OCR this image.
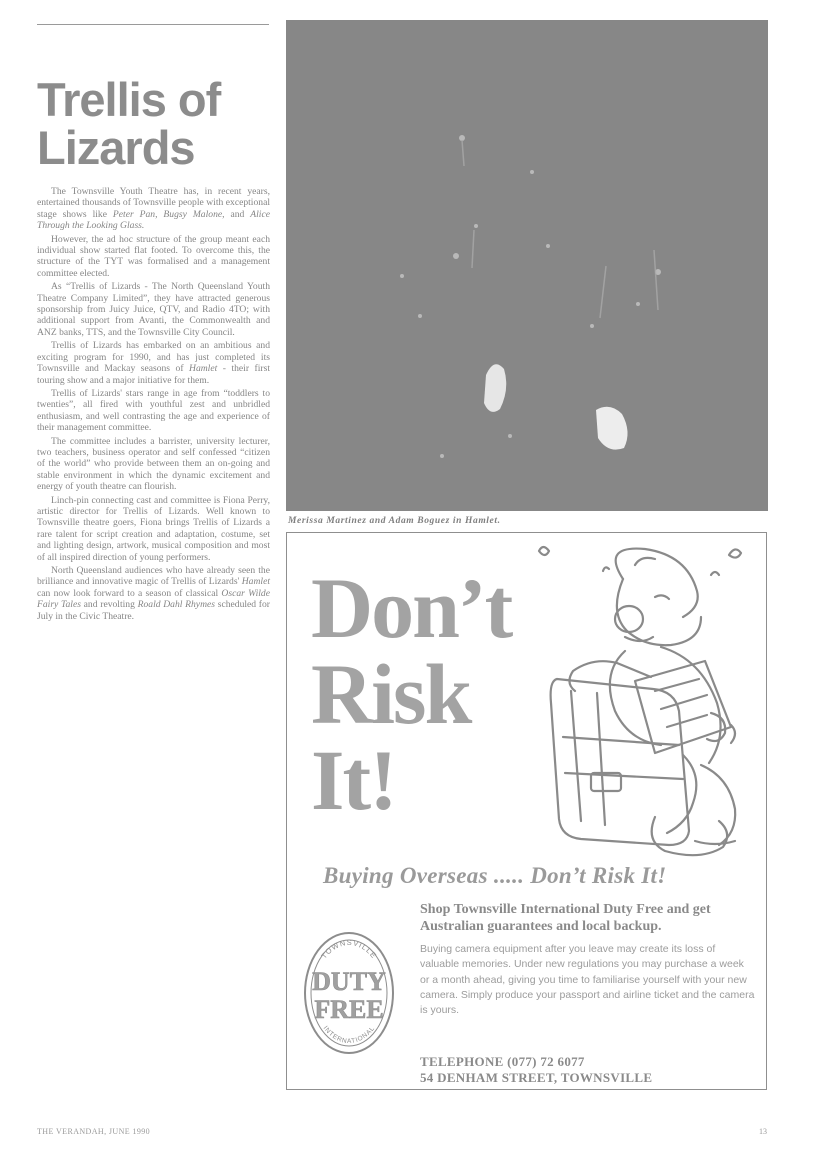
Trellis of Lizards

The Townsville Youth Theatre has, in recent years, entertained thousands of Townsville people with exceptional stage shows like Peter Pan, Bugsy Malone, and Alice Through the Looking Glass.

However, the ad hoc structure of the group meant each individual show started flat footed. To overcome this, the structure of the TYT was formalised and a management committee elected.

As “Trellis of Lizards - The North Queensland Youth Theatre Company Limited”, they have attracted generous sponsorship from Juicy Juice, QTV, and Radio 4TO; with additional support from Avanti, the Commonwealth and ANZ banks, TTS, and the Townsville City Council.

Trellis of Lizards has embarked on an ambitious and exciting program for 1990, and has just completed its Townsville and Mackay seasons of Hamlet - their first touring show and a major initiative for them.

Trellis of Lizards' stars range in age from “toddlers to twenties”, all fired with youthful zest and unbridled enthusiasm, and well contrasting the age and experience of their management committee.

The committee includes a barrister, university lecturer, two teachers, business operator and self confessed “citizen of the world” who provide between them an on-going and stable environment in which the dynamic excitement and energy of youth theatre can flourish.

Linch-pin connecting cast and committee is Fiona Perry, artistic director for Trellis of Lizards. Well known to Townsville theatre goers, Fiona brings Trellis of Lizards a rare talent for script creation and adaptation, costume, set and lighting design, artwork, musical composition and most of all inspired direction of young performers.

North Queensland audiences who have already seen the brilliance and innovative magic of Trellis of Lizards' Hamlet can now look forward to a season of classical Oscar Wilde Fairy Tales and revolting Roald Dahl Rhymes scheduled for July in the Civic Theatre.

Merissa Martinez and Adam Boguez in Hamlet.
Don’t
Risk
It!
Buying Overseas ..... Don’t Risk It!
Shop Townsville International Duty Free and get Australian guarantees and local backup.
Buying camera equipment after you leave may create its loss of valuable memories. Under new regulations you may purchase a week or a month ahead, giving you time to familiarise yourself with your new camera. Simply produce your passport and airline ticket and the camera is yours.
TELEPHONE (077) 72 6077
54 DENHAM STREET, TOWNSVILLE
TOWNSVILLE
DUTY
FREE
INTERNATIONAL
THE VERANDAH, JUNE 1990	13
